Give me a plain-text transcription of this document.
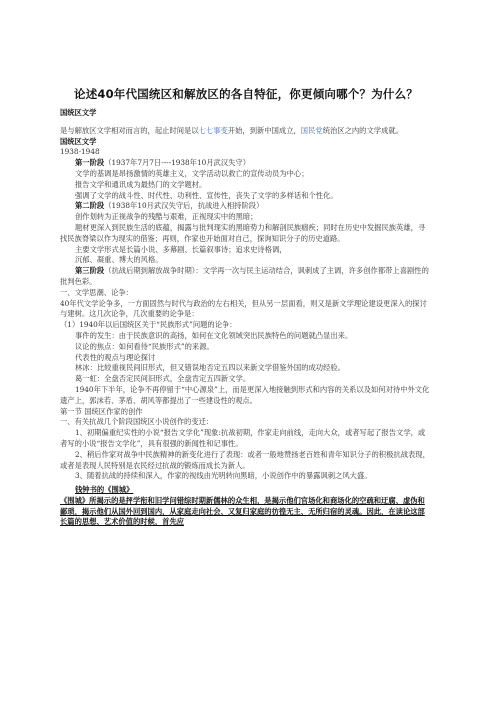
论述40年代国统区和解放区的各自特征，你更倾向哪个？为什么？

国统区文学

是与解放区文学相对而言的，起止时间是以七七事变开始，到新中国成立，国民党统治区之内的文学成就。

国统区文学

1938-1948

第一阶段（1937年7月7日----1938年10月武汉失守）

文学的基调是昂扬激情的英雄主义，文学活动以救亡的宣传动员为中心；

报告文学和通讯成为最热门的文学题材。

强调了文学的战斗性、时代性、功利性、宣传性，丧失了文学的多样话和个性化。

第二阶段（1938年10月武汉失守后，抗战进入相持阶段）

创作划转为正视战争的残酷与艰难，正视现实中的黑暗；

题材更深入到民族生活的底蕴，揭露与批判现实的黑暗势力和解剖民族痼疾；同时在历史中发掘民族英雄，寻找民族脊梁以作为现实的借鉴；再则，作家也开始面对自己，探询知识分子的历史道路。

主要文学形式是长篇小说、多幕剧、长篇叙事诗；追求史诗格调，

沉郁、凝重、博大的风格。

第三阶段（抗战后期到解放战争时期）：文学再一次与民主运动结合，讽刺成了主调，许多创作都带上喜剧性的批判色彩。

一、文学思潮、论争：

40年代文学论争多，一方面固然与时代与政治的左右相关，但从另一层面看，则又是新文学理论建设更深入的探讨与建树。这几次论争，几次重要的论争是：

（1）1940年以后国统区关于“民族形式”问题的论争：

事件的发生：由于民族意识的高扬，如何在文化领域突出民族特色的问题就凸显出来。

议论的焦点：如何看待“民族形式”的来源。

代表性的观点与理论探讨

林冰：比较重视民间旧形式，但又错误地否定五四以来新文学借鉴外国的成功经验。

葛一虹：全盘否定民间旧形式，全盘肯定五四新文学。

1940年下半年，论争不再停留于“中心源泉”上，而是更深入地接触到形式和内容的关系以及如何对待中外文化遗产上，郭沫若、茅盾、胡风等都提出了一些建设性的观点。

第一节 国统区作家的创作

一、有关抗战几个阶段国统区小说创作的变迁：

1、初期偏重纪实性的小说“报告文学化”现象:抗战初期，作家走向前线，走向大众，或者写起了报告文学，或者写的小说“报告文学化”，具有很强的新闻性和记事性。

2、稍后作家对战争中民族精神的新变化进行了表现：或者一般地赞扬老百姓和青年知识分子的积极抗战表现，或者是表现人民特别是农民经过抗战的锻炼而成长为新人。

3、随着抗战的持续和深入，作家的视线由光明转向黑暗，小说创作中的暴露讽刺之风大盛。

钱钟书的《围城》

《围城》所揭示的是抨学衔和旧学问错综时期新儒林的众生相，是揭示他们官场化和商场化的空疏和迂腐、虚伪和鄙琐，揭示他们从国外回到国内，从家庭走向社会、又复归家庭的彷徨无主、无所归宿的灵魂。因此，在读论这部长篇的思想、艺术价值的时候，首先应
